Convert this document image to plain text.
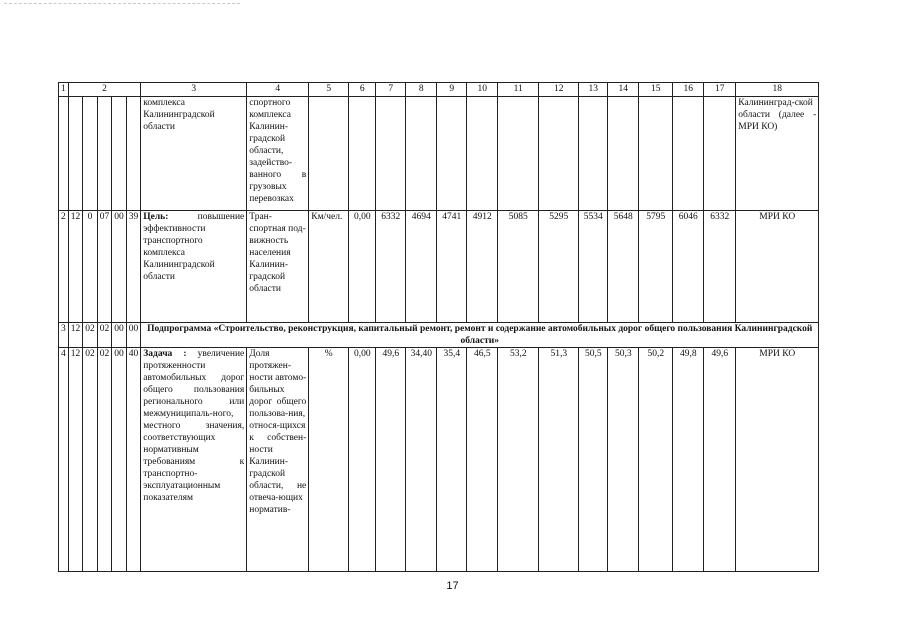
1	2					3	4	5	6	7	8	9	10	11	12	13	14	15	16	17	18
						комплекса Калининградской области	спортного комплекса Калинин-градской области, задейство-ванного в грузовых перевозках														Калининград-ской области (далее - МРИ КО)
2	12	0	07	00	39	Цель: повышение эффективности транспортного комплекса Калининградской области	Тран-спортная под-вижность населения Калинин-градской области	Км/чел.	0,00	6332	4694	4741	4912	5085	5295	5534	5648	5795	6046	6332	МРИ КО
3	12	02	02	00	00	Подпрограмма «Строительство, реконструкция, капитальный ремонт, ремонт и содержание автомобильных дорог общего пользования Калининградской области»															
4	12	02	02	00	40	Задача : увеличение протяженности автомобильных дорог общего пользования регионального или межмуниципаль-ного, местного значения, соответствующих нормативным требованиям к транспортно-эксплуатационным показателям	Доля протяжен-ности автомо-бильных дорог общего пользова-ния, относя-щихся к собствен-ности Калинин-градской области, не отвеча-ющих норматив-	%	0,00	49,6	34,40	35,4	46,5	53,2	51,3	50,5	50,3	50,2	49,8	49,6	МРИ КО
17
